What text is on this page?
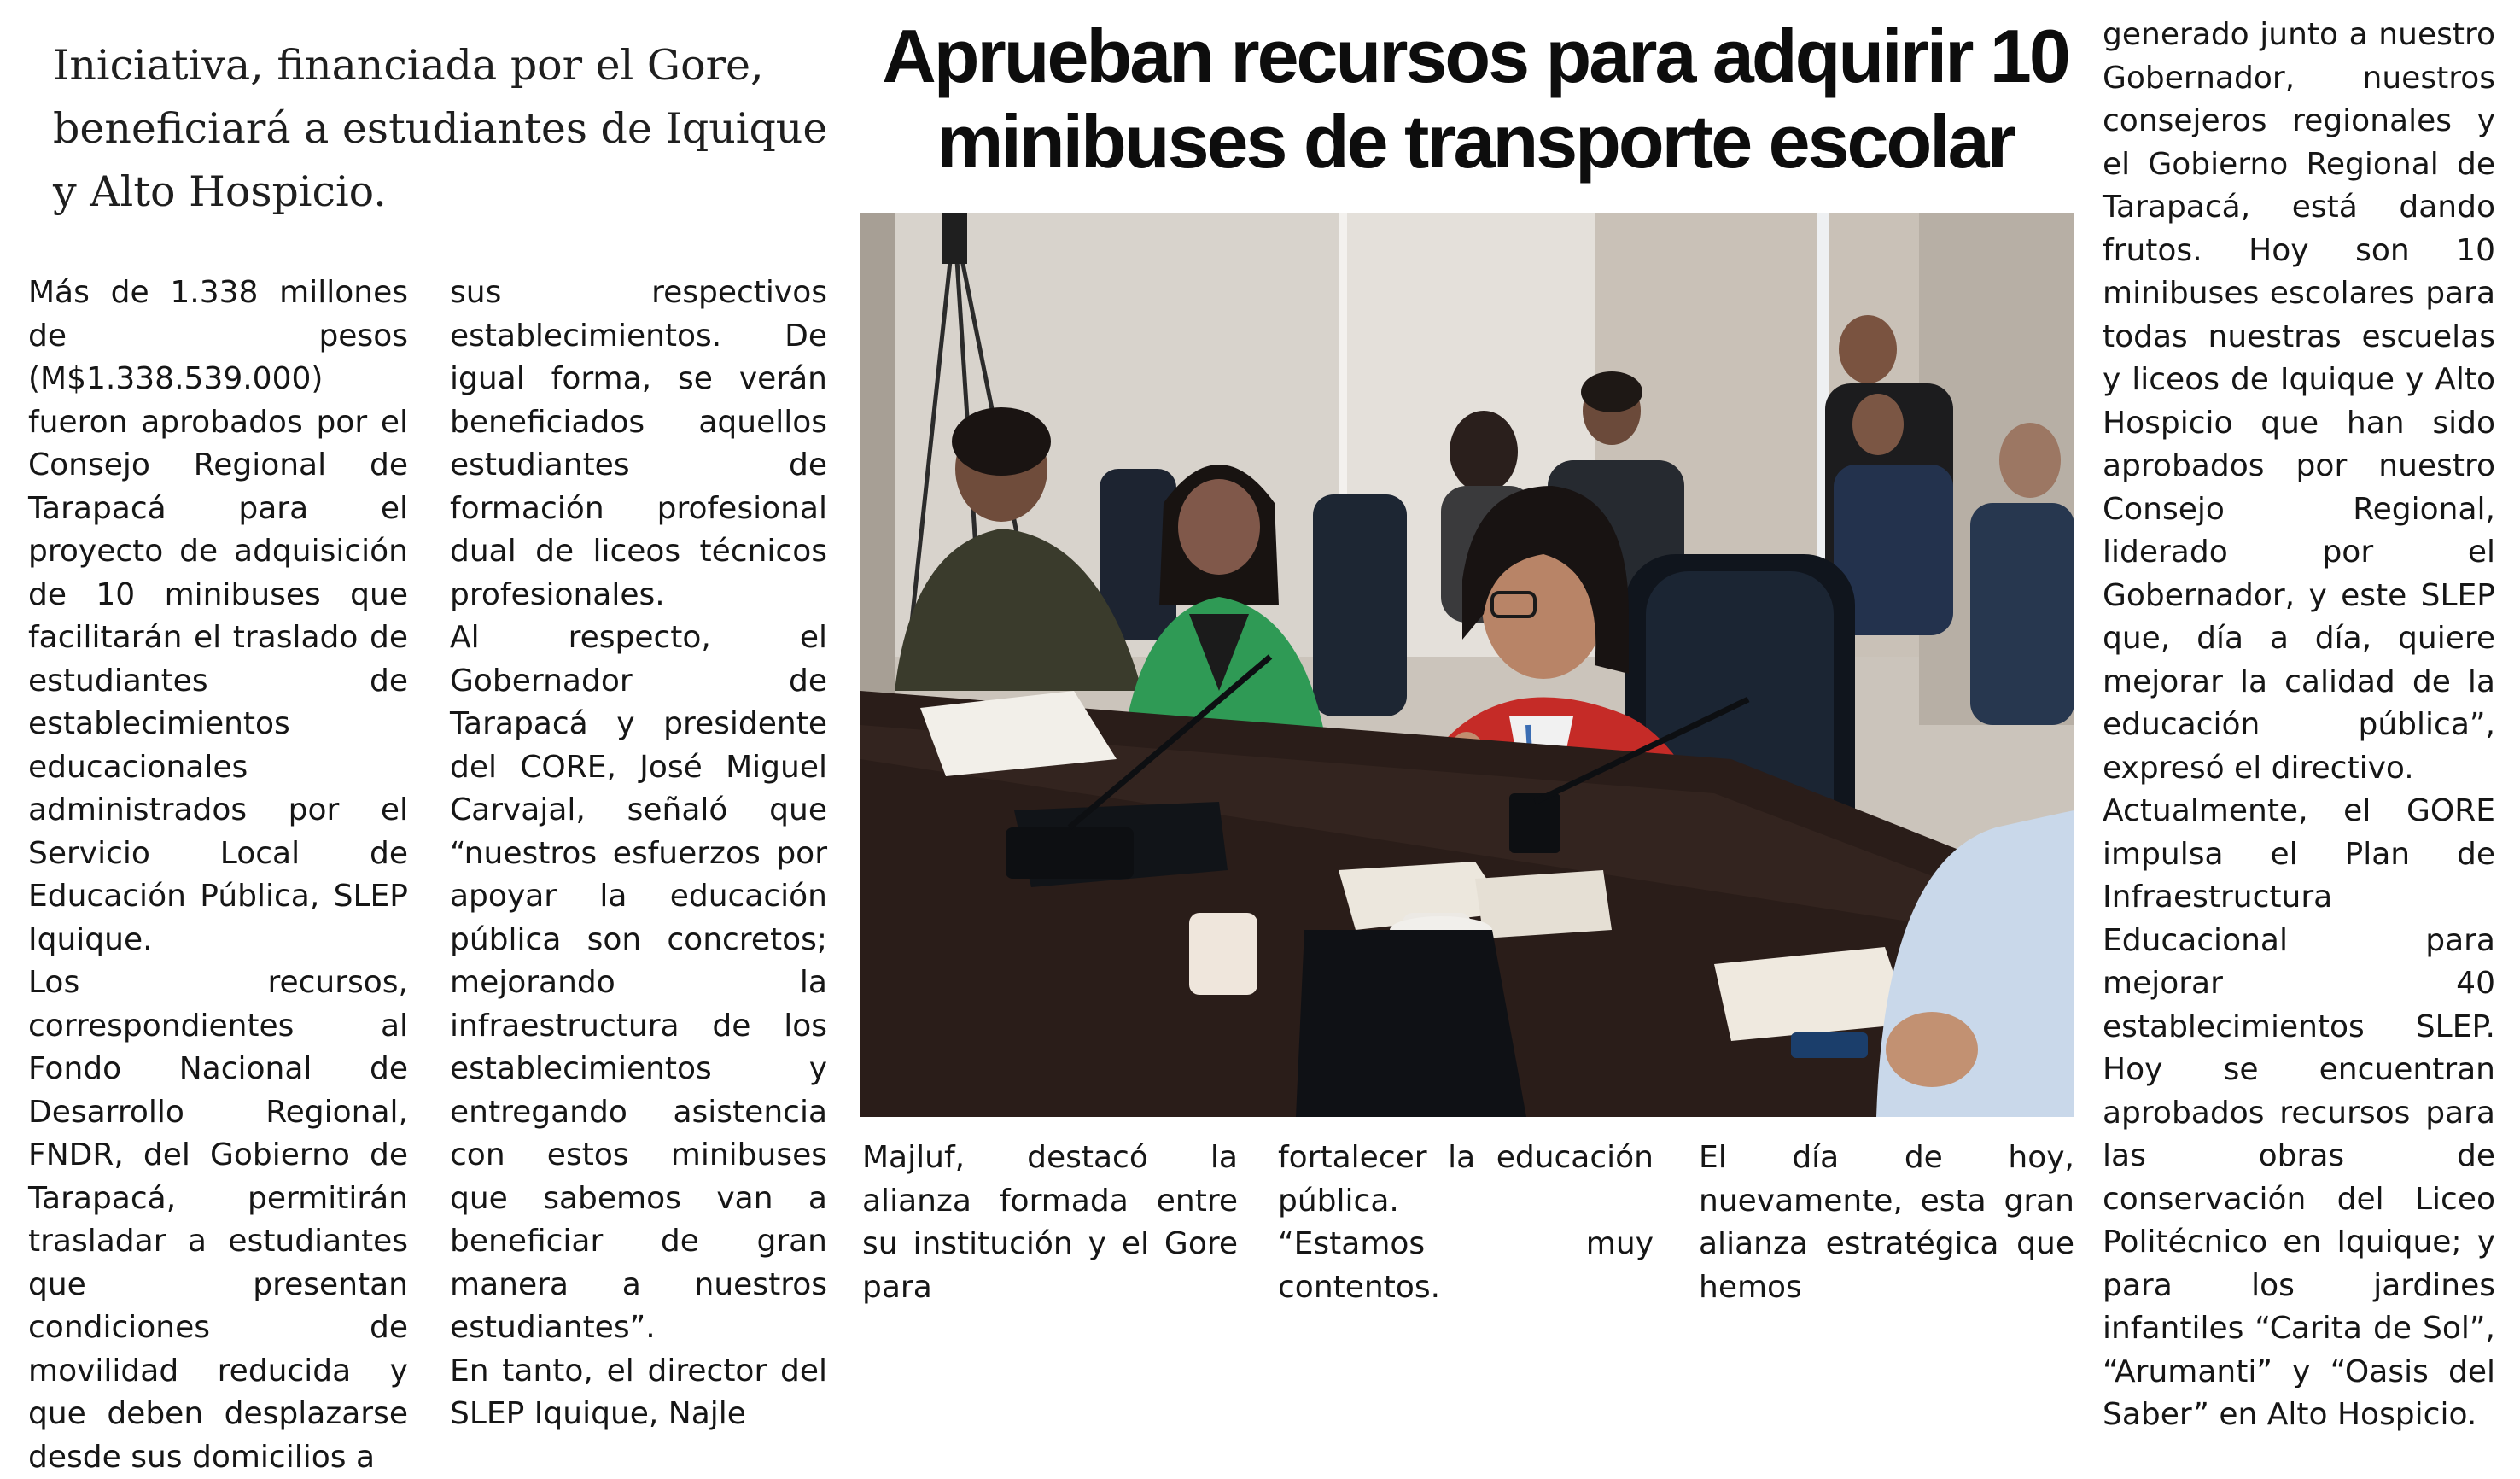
Iniciativa, financiada por el Gore, beneficiará a estudiantes de Iquique y Alto Hospicio.

Aprueban recursos para adquirir 10
minibuses de transporte escolar

Más de 1.338 millones de pesos (M$1.338.539.000) fueron aprobados por el Consejo Regional de Tarapacá para el proyecto de adquisición de 10 minibuses que facilitarán el traslado de estudiantes de establecimientos educacionales administrados por el Servicio Local de Educación Pública, SLEP Iquique.

Los recursos, correspondientes al Fondo Nacional de Desarrollo Regional, FNDR, del Gobierno de Tarapacá, permitirán trasladar a estudiantes que presentan condiciones de movilidad reducida y que deben desplazarse desde sus domicilios a

sus respectivos establecimientos. De igual forma, se verán beneficiados aquellos estudiantes de formación profesional dual de liceos técnicos profesionales.

Al respecto, el Gobernador de Tarapacá y presidente del CORE, José Miguel Carvajal, señaló que “nuestros esfuerzos por apoyar la educación pública son concretos; mejorando la infraestructura de los establecimientos y entregando asistencia con estos minibuses que sabemos van a beneficiar de gran manera a nuestros estudiantes”.

En tanto, el director del SLEP Iquique, Najle

Majluf, destacó la alianza formada entre su institución y el Gore para

fortalecer la educación pública.

“Estamos muy contentos.

El día de hoy, nuevamente, esta gran alianza estratégica que hemos

generado junto a nuestro Gobernador, nuestros consejeros regionales y el Gobierno Regional de Tarapacá, está dando frutos. Hoy son 10 minibuses escolares para todas nuestras escuelas y liceos de Iquique y Alto Hospicio que han sido aprobados por nuestro Consejo Regional, liderado por el Gobernador, y este SLEP que, día a día, quiere mejorar la calidad de la educación pública”, expresó el directivo.

Actualmente, el GORE impulsa el Plan de Infraestructura Educacional para mejorar 40 establecimientos SLEP. Hoy se encuentran aprobados recursos para las obras de conservación del Liceo Politécnico en Iquique; y para los jardines infantiles “Carita de Sol”, “Arumanti” y “Oasis del Saber” en Alto Hospicio.
